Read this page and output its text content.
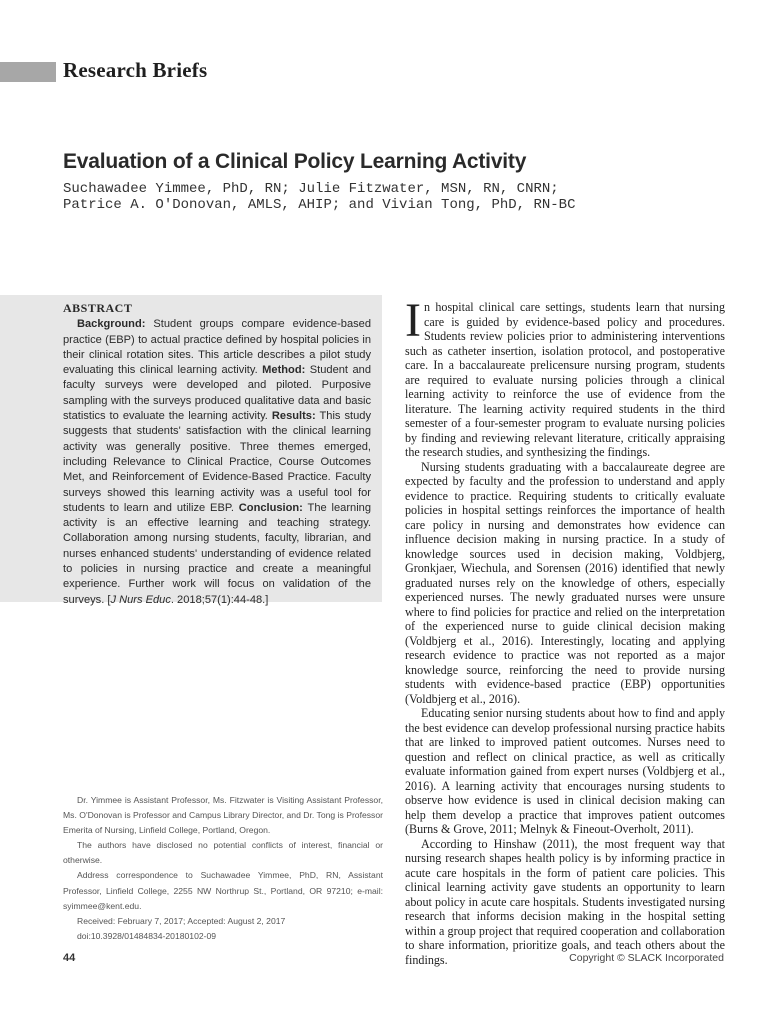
Research Briefs
Evaluation of a Clinical Policy Learning Activity
Suchawadee Yimmee, PhD, RN; Julie Fitzwater, MSN, RN, CNRN;
Patrice A. O'Donovan, AMLS, AHIP; and Vivian Tong, PhD, RN-BC
ABSTRACT

Background: Student groups compare evidence-based practice (EBP) to actual practice defined by hospital policies in their clinical rotation sites. This article describes a pilot study evaluating this clinical learning activity. Method: Student and faculty surveys were developed and piloted. Purposive sampling with the surveys produced qualitative data and basic statistics to evaluate the learning activity. Results: This study suggests that students' satisfaction with the clinical learning activity was generally positive. Three themes emerged, including Relevance to Clinical Practice, Course Outcomes Met, and Reinforcement of Evidence-Based Practice. Faculty surveys showed this learning activity was a useful tool for students to learn and utilize EBP. Conclusion: The learning activity is an effective learning and teaching strategy. Collaboration among nursing students, faculty, librarian, and nurses enhanced students' understanding of evidence related to policies in nursing practice and create a meaningful experience. Further work will focus on validation of the surveys. [J Nurs Educ. 2018;57(1):44-48.]

Dr. Yimmee is Assistant Professor, Ms. Fitzwater is Visiting Assistant Professor, Ms. O'Donovan is Professor and Campus Library Director, and Dr. Tong is Professor Emerita of Nursing, Linfield College, Portland, Oregon.

The authors have disclosed no potential conflicts of interest, financial or otherwise.

Address correspondence to Suchawadee Yimmee, PhD, RN, Assistant Professor, Linfield College, 2255 NW Northrup St., Portland, OR 97210; e-mail: syimmee@kent.edu.

Received: February 7, 2017; Accepted: August 2, 2017

doi:10.3928/01484834-20180102-09

In hospital clinical care settings, students learn that nursing care is guided by evidence-based policy and procedures. Students review policies prior to administering interventions such as catheter insertion, isolation protocol, and postoperative care. In a baccalaureate prelicensure nursing program, students are required to evaluate nursing policies through a clinical learning activity to reinforce the use of evidence from the literature. The learning activity required students in the third semester of a four-semester program to evaluate nursing policies by finding and reviewing relevant literature, critically appraising the research studies, and synthesizing the findings.

Nursing students graduating with a baccalaureate degree are expected by faculty and the profession to understand and apply evidence to practice. Requiring students to critically evaluate policies in hospital settings reinforces the importance of health care policy in nursing and demonstrates how evidence can influence decision making in nursing practice. In a study of knowledge sources used in decision making, Voldbjerg, Gronkjaer, Wiechula, and Sorensen (2016) identified that newly graduated nurses rely on the knowledge of others, especially experienced nurses. The newly graduated nurses were unsure where to find policies for practice and relied on the interpretation of the experienced nurse to guide clinical decision making (Voldbjerg et al., 2016). Interestingly, locating and applying research evidence to practice was not reported as a major knowledge source, reinforcing the need to provide nursing students with evidence-based practice (EBP) opportunities (Voldbjerg et al., 2016).

Educating senior nursing students about how to find and apply the best evidence can develop professional nursing practice habits that are linked to improved patient outcomes. Nurses need to question and reflect on clinical practice, as well as critically evaluate information gained from expert nurses (Voldbjerg et al., 2016). A learning activity that encourages nursing students to observe how evidence is used in clinical decision making can help them develop a practice that improves patient outcomes (Burns & Grove, 2011; Melnyk & Fineout-Overholt, 2011).

According to Hinshaw (2011), the most frequent way that nursing research shapes health policy is by informing practice in acute care hospitals in the form of patient care policies. This clinical learning activity gave students an opportunity to learn about policy in acute care hospitals. Students investigated nursing research that informs decision making in the hospital setting within a group project that required cooperation and collaboration to share information, prioritize goals, and teach others about the findings.

44	Copyright © SLACK Incorporated
